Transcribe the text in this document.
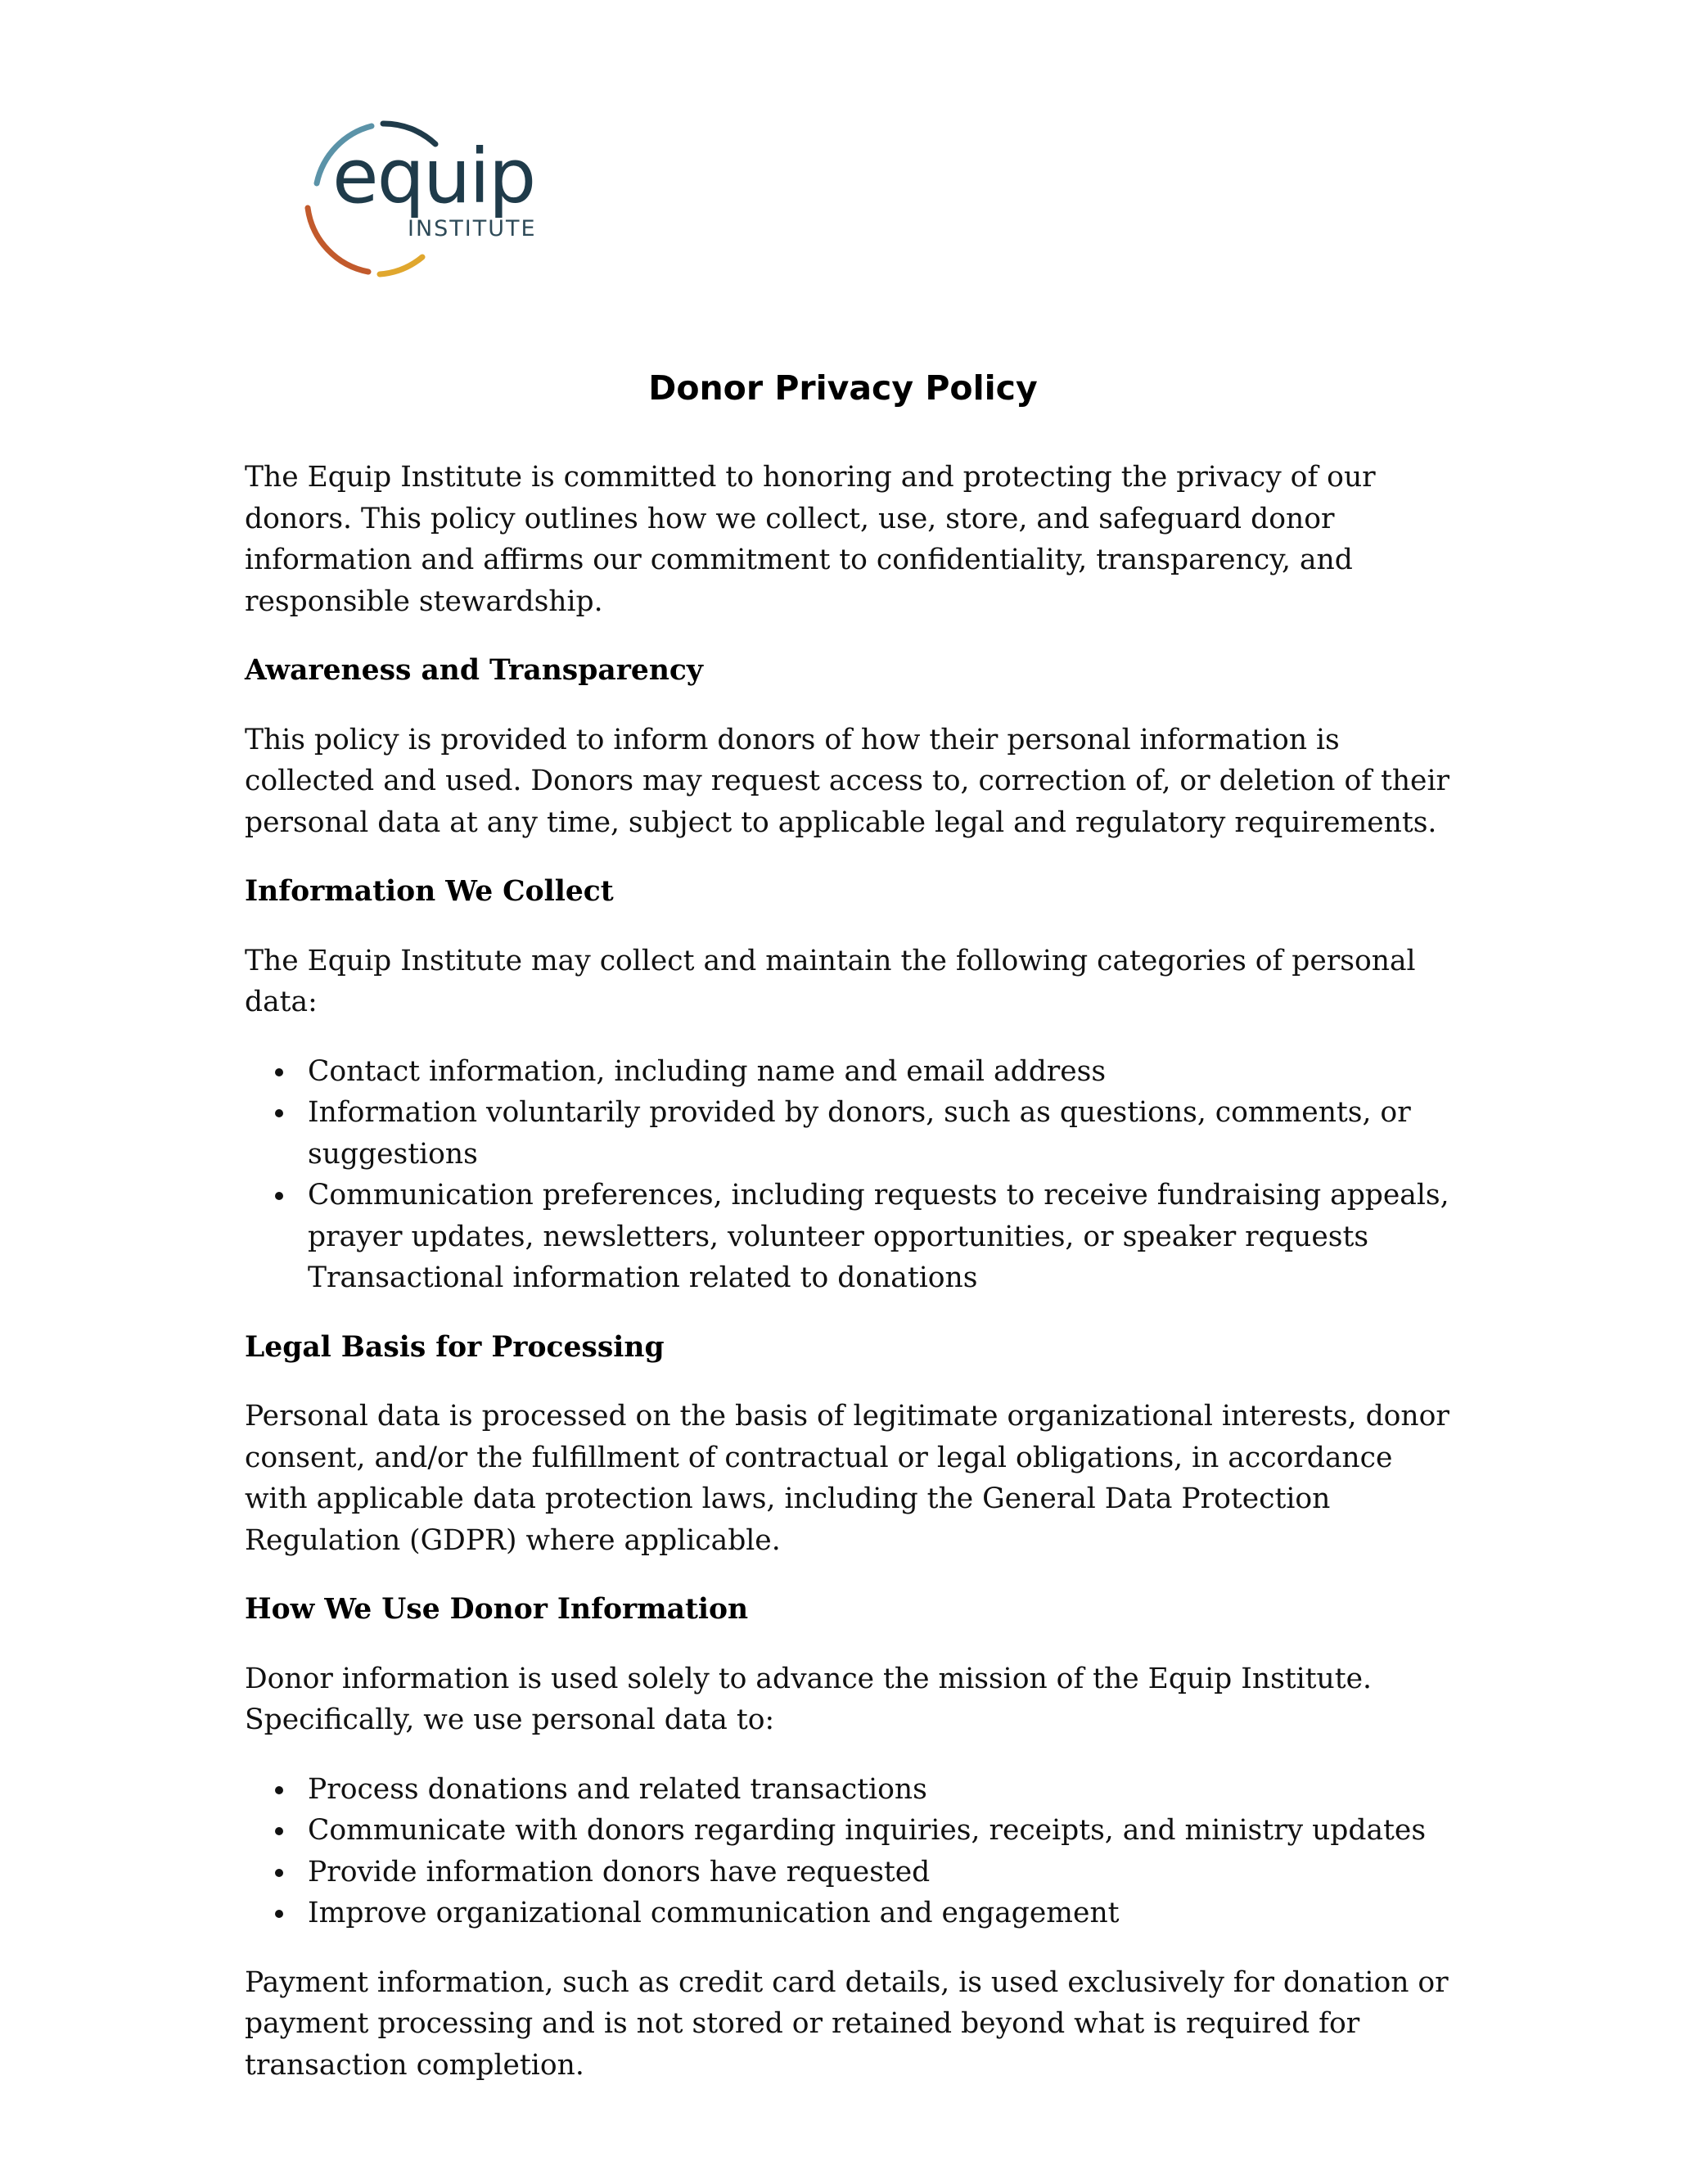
equip
INSTITUTE
Donor Privacy Policy

The Equip Institute is committed to honoring and protecting the privacy of our donors. This policy outlines how we collect, use, store, and safeguard donor information and affirms our commitment to confidentiality, transparency, and responsible stewardship.

Awareness and Transparency

This policy is provided to inform donors of how their personal information is collected and used. Donors may request access to, correction of, or deletion of their personal data at any time, subject to applicable legal and regulatory requirements.

Information We Collect

The Equip Institute may collect and maintain the following categories of personal data:

Contact information, including name and email address
Information voluntarily provided by donors, such as questions, comments, or suggestions
Communication preferences, including requests to receive fundraising appeals, prayer updates, newsletters, volunteer opportunities, or speaker requests
Transactional information related to donations
Legal Basis for Processing

Personal data is processed on the basis of legitimate organizational interests, donor consent, and/or the fulfillment of contractual or legal obligations, in accordance with applicable data protection laws, including the General Data Protection Regulation (GDPR) where applicable.

How We Use Donor Information

Donor information is used solely to advance the mission of the Equip Institute. Specifically, we use personal data to:

Process donations and related transactions
Communicate with donors regarding inquiries, receipts, and ministry updates
Provide information donors have requested
Improve organizational communication and engagement

Payment information, such as credit card details, is used exclusively for donation or payment processing and is not stored or retained beyond what is required for transaction completion.
